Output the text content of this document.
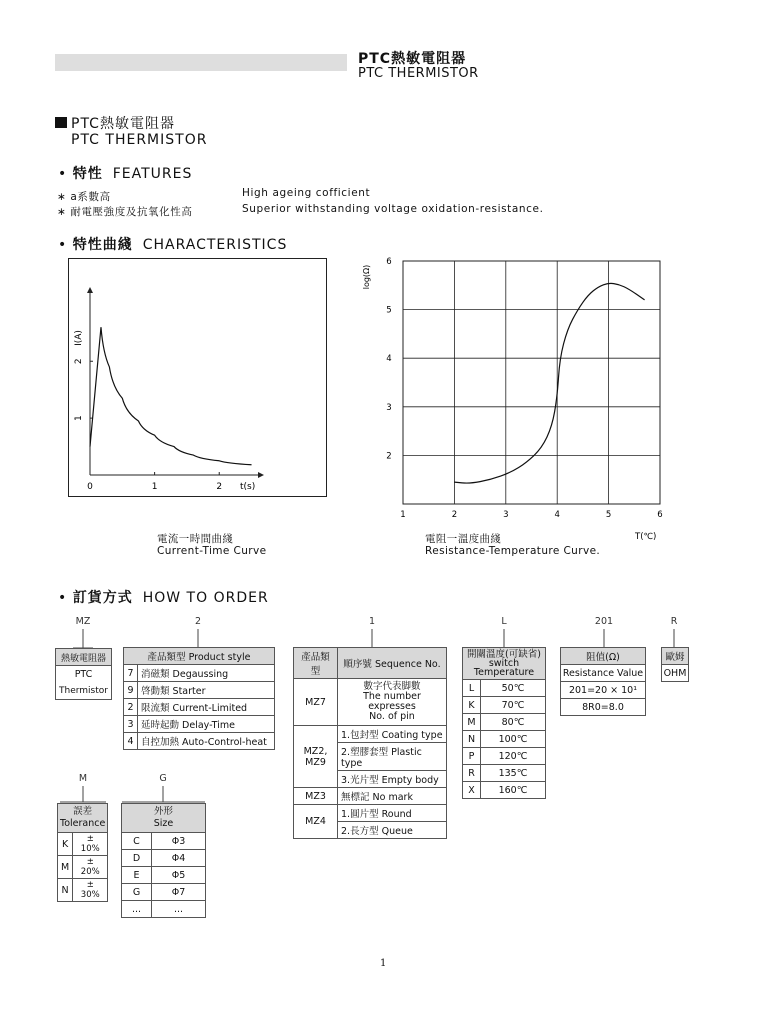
PTC熱敏電阻器
PTC THERMISTOR
PTC熱敏電阻器
PTC THERMISTOR
• 特性 FEATURES
∗ a系數高	High ageing cofficient
∗ 耐電壓強度及抗氧化性高	Superior withstanding voltage oxidation-resistance.
• 特性曲綫 CHARACTERISTICS
0	1	2
1
2
t(s)
I(A)
電流一時間曲綫
Current-Time Curve
1	2	3	4	5	6
2
3
4
5
6
log(Ω)
T(℃)
電阻一溫度曲綫
Resistance-Temperature Curve.
• 訂貨方式 HOW TO ORDER
MZ	2	1	L	201	R
M	G
熱敏電阻器
PTC
Thermistor
產品類型 Product style	
7	消磁類 Degaussing
9	啓動類 Starter
2	限流類 Current-Limited
3	延時起動 Delay-Time
4	自控加熱 Auto-Control-heat
產品類型	順序號 Sequence No.
MZ7	數字代表脚數
The number
expresses
No. of pin
MZ2, MZ9	1.包封型 Coating type
	2.塑膠套型 Plastic type
	3.光片型 Empty body
MZ3	無標記 No mark
MZ4	1.圓片型 Round
	2.長方型 Queue
開關溫度(可缺省)
switch
Temperature	
L	50℃
K	70℃
M	80℃
N	100℃
P	120℃
R	135℃
X	160℃
阻值(Ω)
Resistance Value
201=20 × 10¹
8R0=8.0
歐姆
OHM
誤差
Tolerance	
K	± 10%
M	± 20%
N	± 30%
外形
Size	
C	Φ3
D	Φ4
E	Φ5
G	Φ7
...	...
1
